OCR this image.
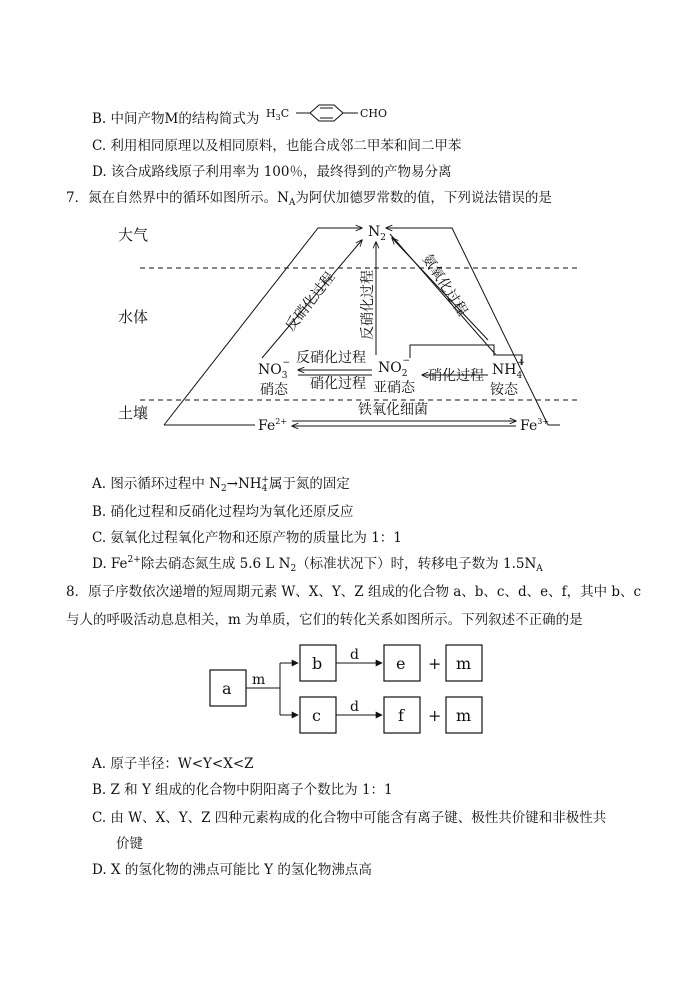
B. 中间产物M的结构简式为 $H_3C$	CHO
C. 利用相同原理以及相同原料，也能合成邻二甲苯和间二甲苯
D. 该合成路线原子利用率为 100％，最终得到的产物易分离
7．氮在自然界中的循环如图所示。$N_A$为阿伏加德罗常数的值，下列说法错误的是
大气
水体
土壤
$N_2$
反硝化过程 反硝化过程	氨氧化过程
$NO_3-$
硝态
$NO_2-$
亚硝态
$NH_4+$
铵态
反硝化过程
硝化过程	硝化过程
$Fe^{2+}$	$Fe^{3+}$
铁氧化细菌
A. 图示循环过程中 $N_2\to NH_4^+$属于氮的固定
B. 硝化过程和反硝化过程均为氧化还原反应
C. 氨氧化过程氧化产物和还原产物的质量比为 1：1
D. $Fe^{2+}$除去硝态氮生成 5.6 L $N_2$（标准状况下）时，转移电子数为 $1.5N_A$
8．原子序数依次递增的短周期元素 W、X、Y、Z 组成的化合物 a、b、c、d、e、f，其中 b、c
与人的呼吸活动息息相关，m 为单质，它们的转化关系如图所示。下列叙述不正确的是
a m
b
c
d
d
e + m
f + m
A. 原子半径：W<Y<X<Z
B. Z 和 Y 组成的化合物中阴阳离子个数比为 1：1
C. 由 W、X、Y、Z 四种元素构成的化合物中可能含有离子键、极性共价键和非极性共
价键
D. X 的氢化物的沸点可能比 Y 的氢化物沸点高
